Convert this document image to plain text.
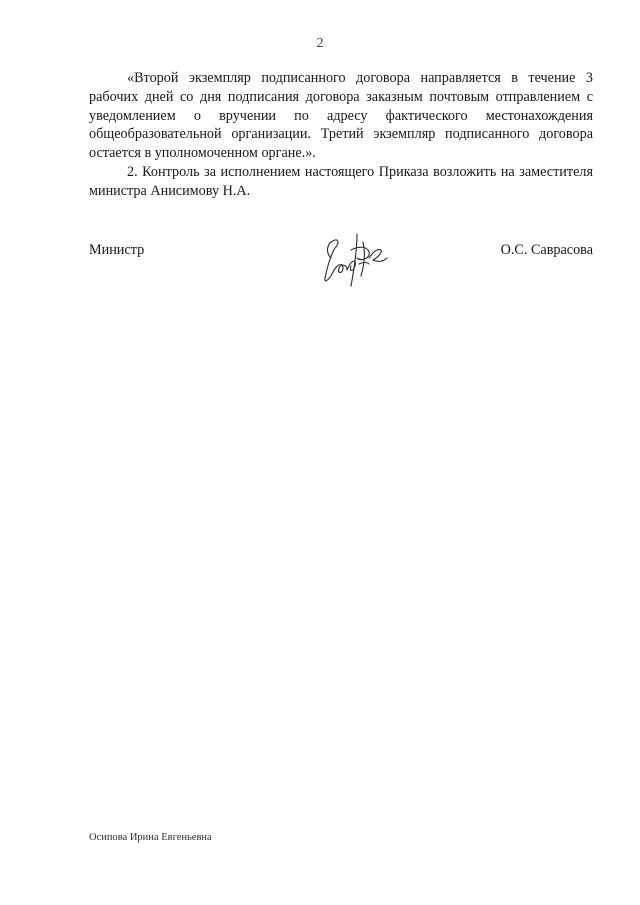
2

«Второй экземпляр подписанного договора направляется в течение 3 рабочих дней со дня подписания договора заказным почтовым отправлением с уведомлением о вручении по адресу фактического местонахождения общеобразовательной организации. Третий экземпляр подписанного договора остается в уполномоченном органе.».

2. Контроль за исполнением настоящего Приказа возложить на заместителя министра Анисимову Н.А.

Министр	О.С. Саврасова
Осипова Ирина Евгеньевна
